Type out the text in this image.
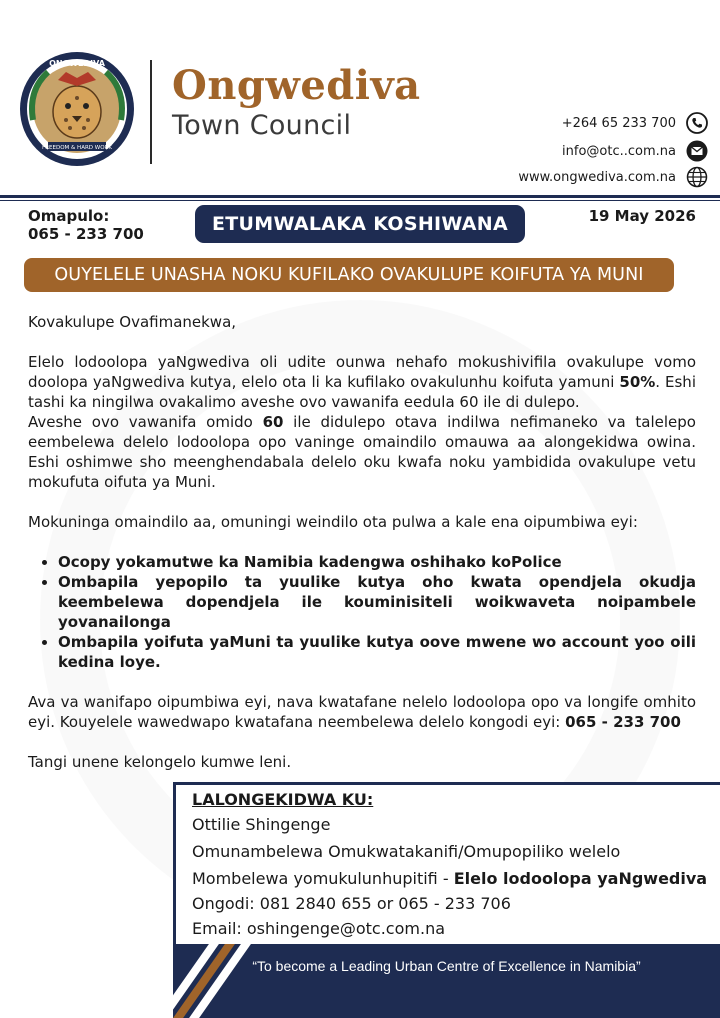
FREEDOM & HARD WORK
ONGWEDIVA Ongwediva
Town Council	+264 65 233 700
info@otc..com.na
www.ongwediva.com.na
Omapulo:
065 - 233 700	ETUMWALAKA KOSHIWANA	19 May 2026
OUYELELE UNASHA NOKU KUFILAKO OVAKULUPE KOIFUTA YA MUNI

Kovakulupe Ovafimanekwa,

Elelo lodoolopa yaNgwediva oli udite ounwa nehafo mokushivifila ovakulupe vomo doolopa yaNgwediva kutya, elelo ota li ka kufilako ovakulunhu koifuta yamuni 50%. Eshi tashi ka ningilwa ovakalimo aveshe ovo vawanifa eedula 60 ile di dulepo.

Aveshe ovo vawanifa omido 60 ile didulepo otava indilwa nefimaneko va talelepo eembelewa delelo lodoolopa opo vaninge omaindilo omauwa aa alongekidwa owina. Eshi oshimwe sho meenghendabala delelo oku kwafa noku yambidida ovakulupe vetu mokufuta oifuta ya Muni.

Mokuninga omaindilo aa, omuningi weindilo ota pulwa a kale ena oipumbiwa eyi:

• Ocopy yokamutwe ka Namibia kadengwa oshihako koPolice
• Ombapila yepopilo ta yuulike kutya oho kwata opendjela okudja keembelewa dopendjela ile kouminisiteli woikwaveta noipambele yovanailonga
• Ombapila yoifuta yaMuni ta yuulike kutya oove mwene wo account yoo oili kedina loye.

Ava va wanifapo oipumbiwa eyi, nava kwatafane nelelo lodoolopa opo va longife omhito eyi. Kouyelele wawedwapo kwatafana neembelewa delelo kongodi eyi: 065 - 233 700

Tangi unene kelongelo kumwe leni.

LALONGEKIDWA KU:
Ottilie Shingenge
Omunambelewa Omukwatakanifi/Omupopiliko welelo
Mombelewa yomukulunhupitifi - Elelo lodoolopa yaNgwediva
Ongodi: 081 2840 655 or 065 - 233 706
Email: oshingenge@otc.com.na
“To become a Leading Urban Centre of Excellence in Namibia”
